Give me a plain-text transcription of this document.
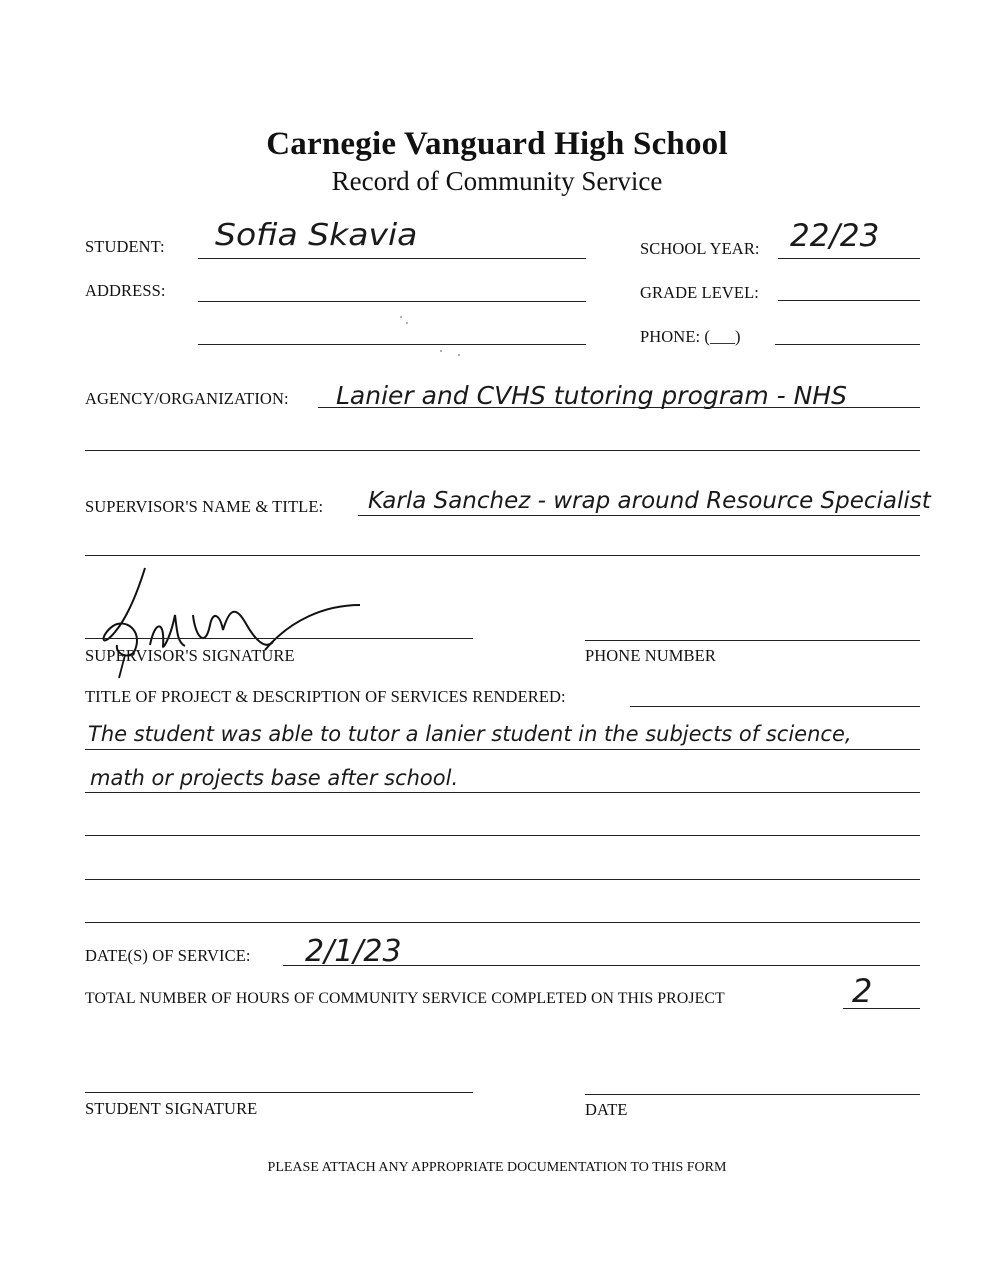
Carnegie Vanguard High School
Record of Community Service
STUDENT: Sofia Skavia	SCHOOL YEAR: 22/23
ADDRESS:	GRADE LEVEL:
PHONE: (___)
AGENCY/ORGANIZATION: Lanier and CVHS tutoring program - NHS
SUPERVISOR'S NAME & TITLE: Karla Sanchez - wrap around Resource Specialist
SUPERVISOR'S SIGNATURE	PHONE NUMBER
TITLE OF PROJECT & DESCRIPTION OF SERVICES RENDERED:
The student was able to tutor a lanier student in the subjects of science,
math or projects base after school.
DATE(S) OF SERVICE: 2/1/23
TOTAL NUMBER OF HOURS OF COMMUNITY SERVICE COMPLETED ON THIS PROJECT	2
STUDENT SIGNATURE	DATE
PLEASE ATTACH ANY APPROPRIATE DOCUMENTATION TO THIS FORM
